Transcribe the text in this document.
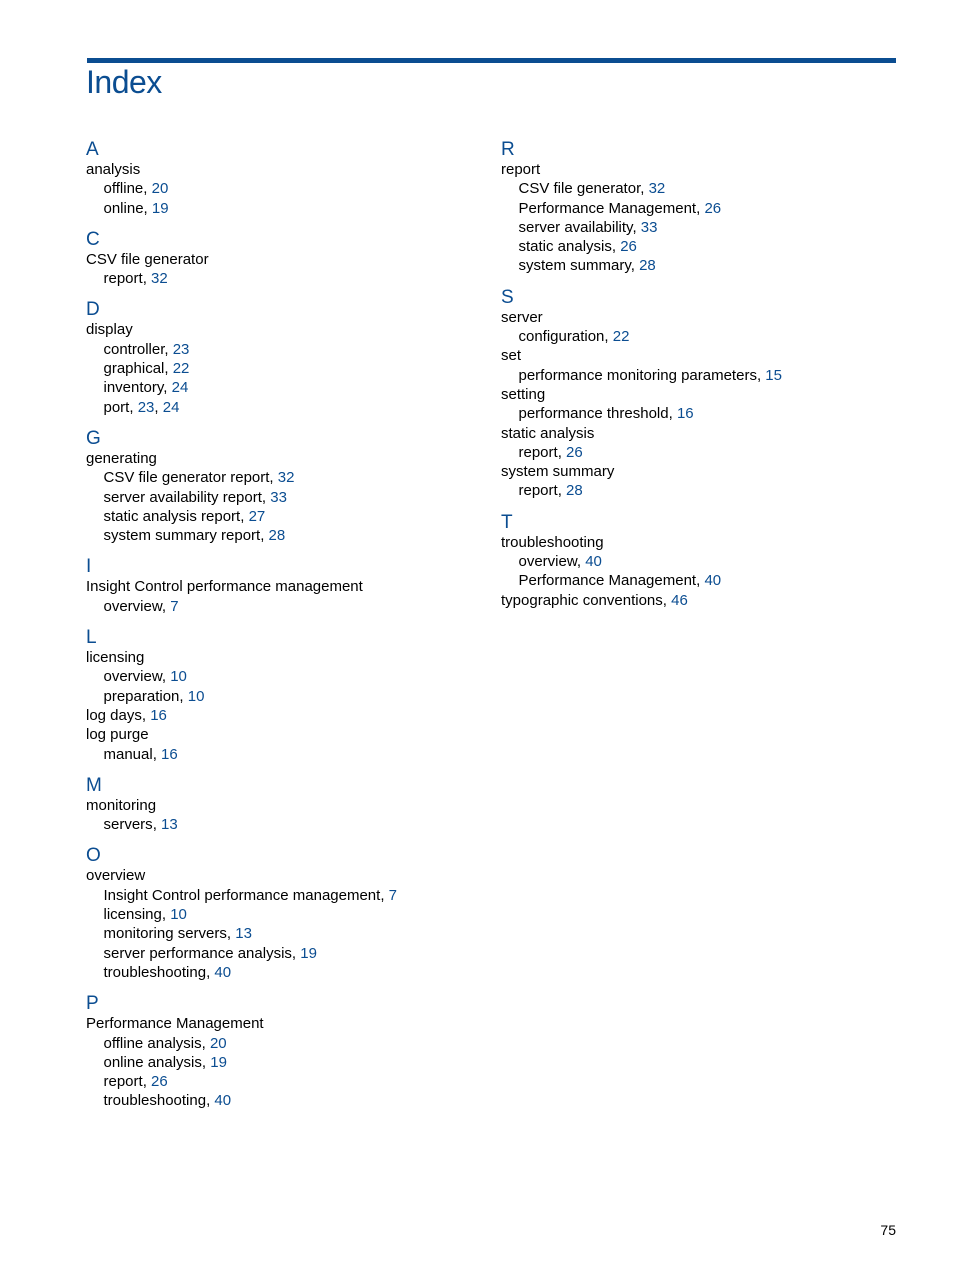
Index
A
analysis
offline, 20
online, 19
C
CSV file generator
report, 32
D
display
controller, 23
graphical, 22
inventory, 24
port, 23, 24
G
generating
CSV file generator report, 32
server availability report, 33
static analysis report, 27
system summary report, 28
I
Insight Control performance management
overview, 7
L
licensing
overview, 10
preparation, 10
log days, 16
log purge
manual, 16
M
monitoring
servers, 13
O
overview
Insight Control performance management, 7
licensing, 10
monitoring servers, 13
server performance analysis, 19
troubleshooting, 40
P
Performance Management
offline analysis, 20
online analysis, 19
report, 26
troubleshooting, 40
R
report
CSV file generator, 32
Performance Management, 26
server availability, 33
static analysis, 26
system summary, 28
S
server
configuration, 22
set
performance monitoring parameters, 15
setting
performance threshold, 16
static analysis
report, 26
system summary
report, 28
T
troubleshooting
overview, 40
Performance Management, 40
typographic conventions, 46
75
